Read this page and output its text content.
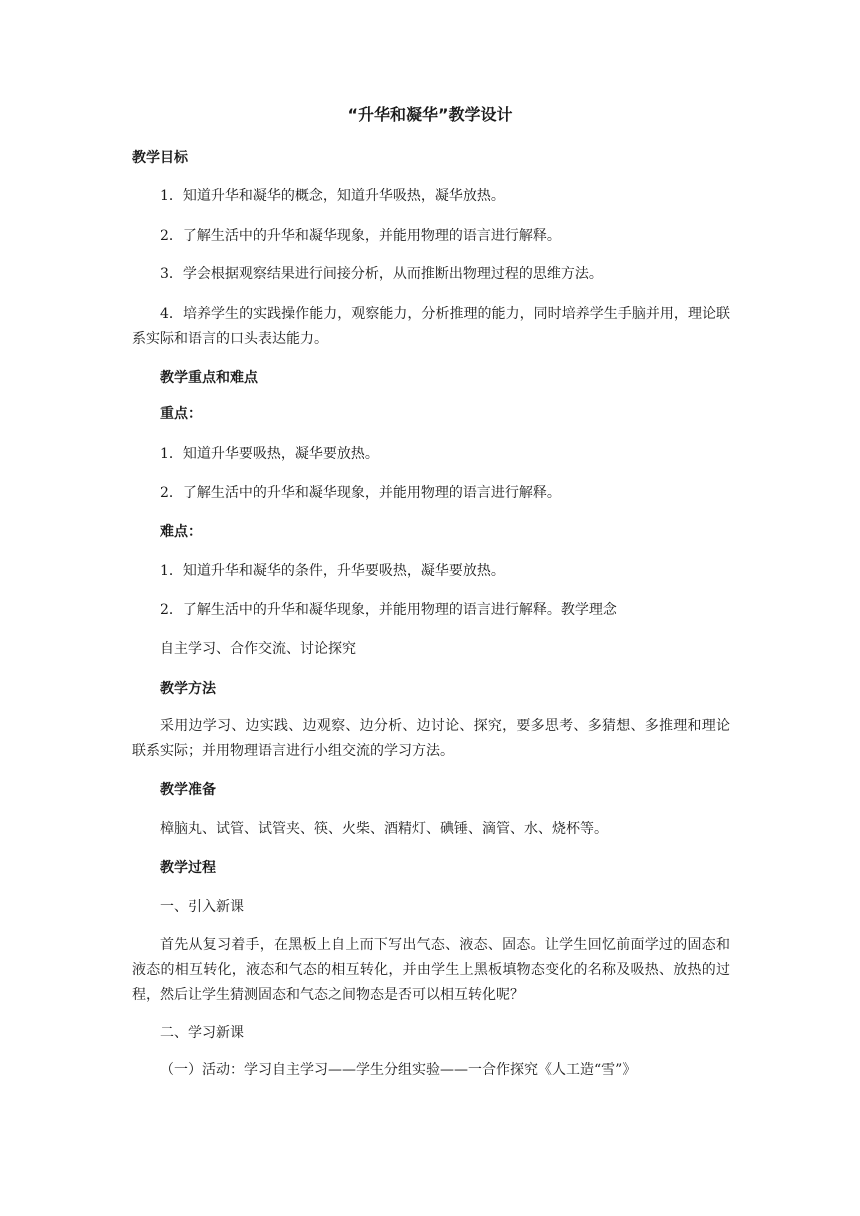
“升华和凝华”教学设计
教学目标
1．知道升华和凝华的概念，知道升华吸热，凝华放热。
2．了解生活中的升华和凝华现象，并能用物理的语言进行解释。
3．学会根据观察结果进行间接分析，从而推断出物理过程的思维方法。
4．培养学生的实践操作能力，观察能力，分析推理的能力，同时培养学生手脑并用，理论联系实际和语言的口头表达能力。
教学重点和难点
重点：
1．知道升华要吸热，凝华要放热。
2．了解生活中的升华和凝华现象，并能用物理的语言进行解释。
难点：
1．知道升华和凝华的条件，升华要吸热，凝华要放热。
2．了解生活中的升华和凝华现象，并能用物理的语言进行解释。教学理念
自主学习、合作交流、讨论探究
教学方法
采用边学习、边实践、边观察、边分析、边讨论、探究，要多思考、多猜想、多推理和理论联系实际；并用物理语言进行小组交流的学习方法。
教学准备
樟脑丸、试管、试管夹、筷、火柴、酒精灯、碘锤、滴管、水、烧杯等。
教学过程
一、引入新课
首先从复习着手，在黑板上自上而下写出气态、液态、固态。让学生回忆前面学过的固态和液态的相互转化，液态和气态的相互转化，并由学生上黑板填物态变化的名称及吸热、放热的过程，然后让学生猜测固态和气态之间物态是否可以相互转化呢？
二、学习新课
（一）活动：学习自主学习——学生分组实验——一合作探究《人工造“雪”》
